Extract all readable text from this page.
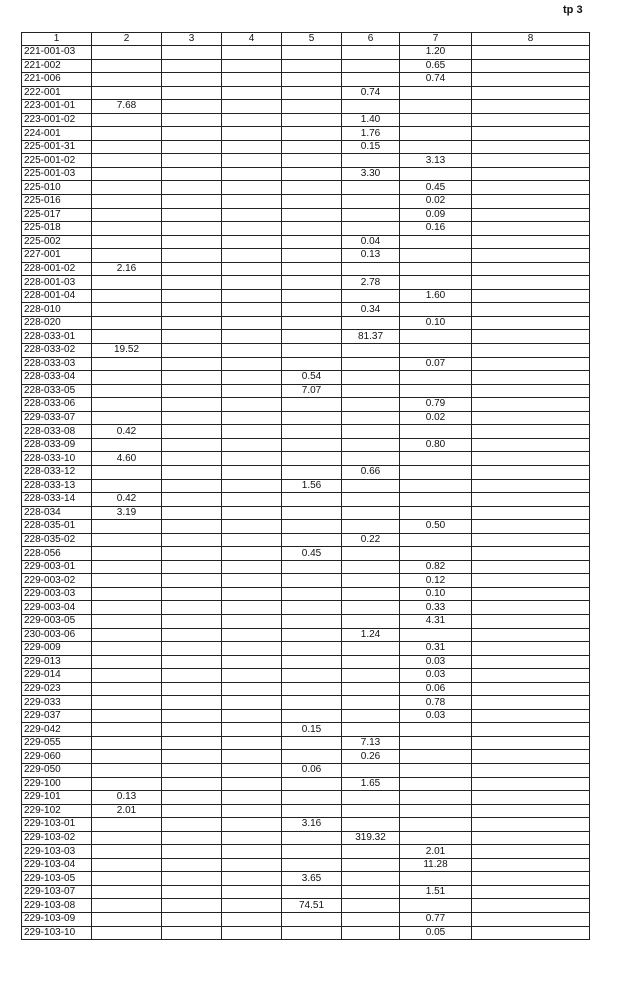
tp 3
1	2	3	4	5	6	7	8
221-001-03						1.20	
221-002						0.65	
221-006						0.74	
222-001					0.74		
223-001-01	7.68						
223-001-02					1.40		
224-001					1.76		
225-001-31					0.15		
225-001-02						3.13	
225-001-03					3.30		
225-010						0.45	
225-016						0.02	
225-017						0.09	
225-018						0.16	
225-002					0.04		
227-001					0.13		
228-001-02	2.16						
228-001-03					2.78		
228-001-04						1.60	
228-010					0.34		
228-020						0.10	
228-033-01					81.37		
228-033-02	19.52						
228-033-03						0.07	
228-033-04				0.54			
228-033-05				7.07			
228-033-06						0.79	
229-033-07						0.02	
228-033-08	0.42						
228-033-09						0.80	
228-033-10	4.60						
228-033-12					0.66		
228-033-13				1.56			
228-033-14	0.42						
228-034	3.19						
228-035-01						0.50	
228-035-02					0.22		
228-056				0.45			
229-003-01						0.82	
229-003-02						0.12	
229-003-03						0.10	
229-003-04						0.33	
229-003-05						4.31	
230-003-06					1.24		
229-009						0.31	
229-013						0.03	
229-014						0.03	
229-023						0.06	
229-033						0.78	
229-037						0.03	
229-042				0.15			
229-055					7.13		
229-060					0.26		
229-050				0.06			
229-100					1.65		
229-101	0.13						
229-102	2.01						
229-103-01				3.16			
229-103-02					319.32		
229-103-03						2.01	
229-103-04						11.28	
229-103-05				3.65			
229-103-07						1.51	
229-103-08				74.51			
229-103-09						0.77	
229-103-10						0.05	
